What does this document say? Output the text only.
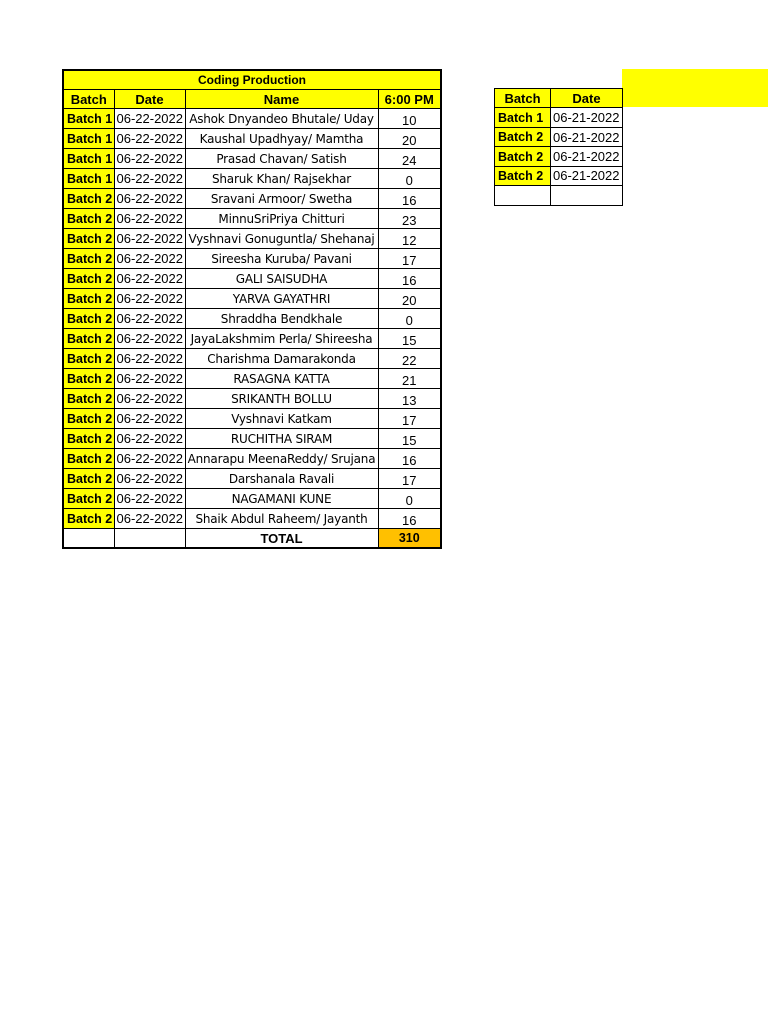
Coding Production			
Batch	Date	Name	6:00 PM
Batch 1	06-22-2022	Ashok Dnyandeo Bhutale/ Uday	10
Batch 1	06-22-2022	Kaushal Upadhyay/ Mamtha	20
Batch 1	06-22-2022	Prasad Chavan/ Satish	24
Batch 1	06-22-2022	Sharuk Khan/ Rajsekhar	0
Batch 2	06-22-2022	Sravani Armoor/ Swetha	16
Batch 2	06-22-2022	MinnuSriPriya Chitturi	23
Batch 2	06-22-2022	Vyshnavi Gonuguntla/ Shehanaj	12
Batch 2	06-22-2022	Sireesha Kuruba/ Pavani	17
Batch 2	06-22-2022	GALI SAISUDHA	16
Batch 2	06-22-2022	YARVA GAYATHRI	20
Batch 2	06-22-2022	Shraddha Bendkhale	0
Batch 2	06-22-2022	JayaLakshmim Perla/ Shireesha	15
Batch 2	06-22-2022	Charishma Damarakonda	22
Batch 2	06-22-2022	RASAGNA KATTA	21
Batch 2	06-22-2022	SRIKANTH BOLLU	13
Batch 2	06-22-2022	Vyshnavi Katkam	17
Batch 2	06-22-2022	RUCHITHA SIRAM	15
Batch 2	06-22-2022	Annarapu MeenaReddy/ Srujana	16
Batch 2	06-22-2022	Darshanala Ravali	17
Batch 2	06-22-2022	NAGAMANI KUNE	0
Batch 2	06-22-2022	Shaik Abdul Raheem/ Jayanth	16
		TOTAL	310
Batch	Date
Batch 1	06-21-2022
Batch 2	06-21-2022
Batch 2	06-21-2022
Batch 2	06-21-2022
